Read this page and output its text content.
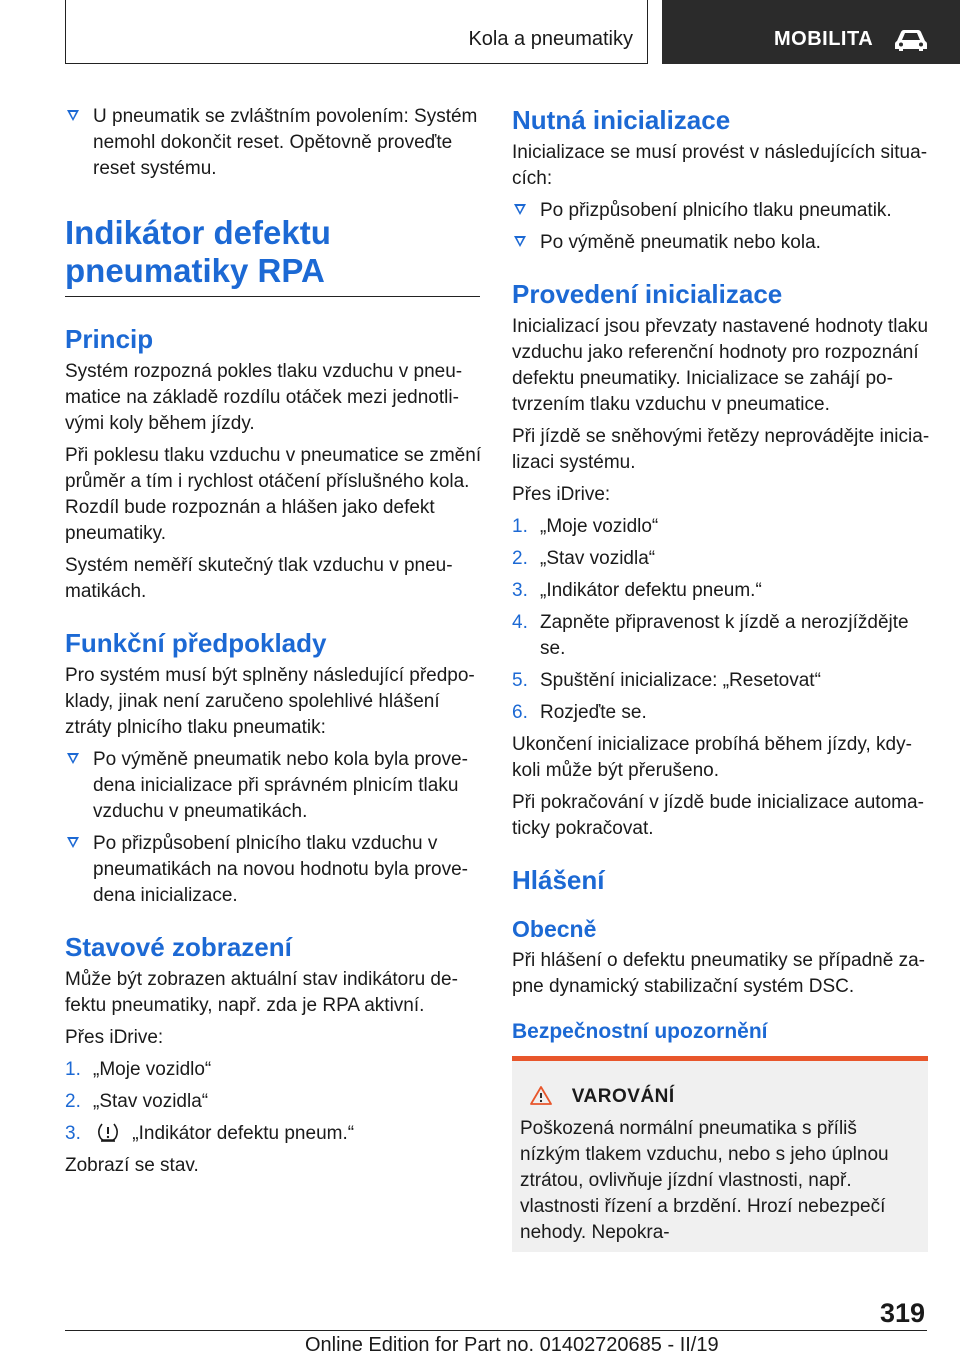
Kola a pneumatiky	MOBILITA
U pneumatik se zvláštním povolením: Systém nemohl dokončit reset. Opětovně proveďte reset systému.
Indikátor defektu pneumatiky RPA
Princip

Systém rozpozná pokles tlaku vzduchu v pneumatice na základě rozdílu otáček mezi jednotlivými koly během jízdy.

Při poklesu tlaku vzduchu v pneumatice se změní průměr a tím i rychlost otáčení příslušného kola. Rozdíl bude rozpoznán a hlášen jako defekt pneumatiky.

Systém neměří skutečný tlak vzduchu v pneumatikách.

Funkční předpoklady

Pro systém musí být splněny následující předpoklady, jinak není zaručeno spolehlivé hlášení ztráty plnicího tlaku pneumatik:

Po výměně pneumatik nebo kola byla provedena inicializace při správném plnicím tlaku vzduchu v pneumatikách.
Po přizpůsobení plnicího tlaku vzduchu v pneumatikách na novou hodnotu byla provedena inicializace.
Stavové zobrazení

Může být zobrazen aktuální stav indikátoru defektu pneumatiky, např. zda je RPA aktivní.

Přes iDrive:

1. „Moje vozidlo“
2. „Stav vozidla“
3.	„Indikátor defektu pneum.“

Zobrazí se stav.

Nutná inicializace

Inicializace se musí provést v následujících situacích:

Po přizpůsobení plnicího tlaku pneumatik.
Po výměně pneumatik nebo kola.
Provedení inicializace

Inicializací jsou převzaty nastavené hodnoty tlaku vzduchu jako referenční hodnoty pro rozpoznání defektu pneumatiky. Inicializace se zahájí potvrzením tlaku vzduchu v pneumatice.

Při jízdě se sněhovými řetězy neprovádějte inicializaci systému.

Přes iDrive:

1. „Moje vozidlo“
2. „Stav vozidla“
3. „Indikátor defektu pneum.“
4. Zapněte připravenost k jízdě a nerozjíždějte se.
5. Spuštění inicializace: „Resetovat“
6. Rozjeďte se.

Ukončení inicializace probíhá během jízdy, kdykoli může být přerušeno.

Při pokračování v jízdě bude inicializace automaticky pokračovat.

Hlášení
Obecně

Při hlášení o defektu pneumatiky se případně zapne dynamický stabilizační systém DSC.

Bezpečnostní upozornění
VAROVÁNÍ

Poškozená normální pneumatika s příliš nízkým tlakem vzduchu, nebo s jeho úplnou ztrátou, ovlivňuje jízdní vlastnosti, např. vlastnosti řízení a brzdění. Hrozí nebezpečí nehody. Nepokra-

319
Online Edition for Part no. 01402720685 - II/19
